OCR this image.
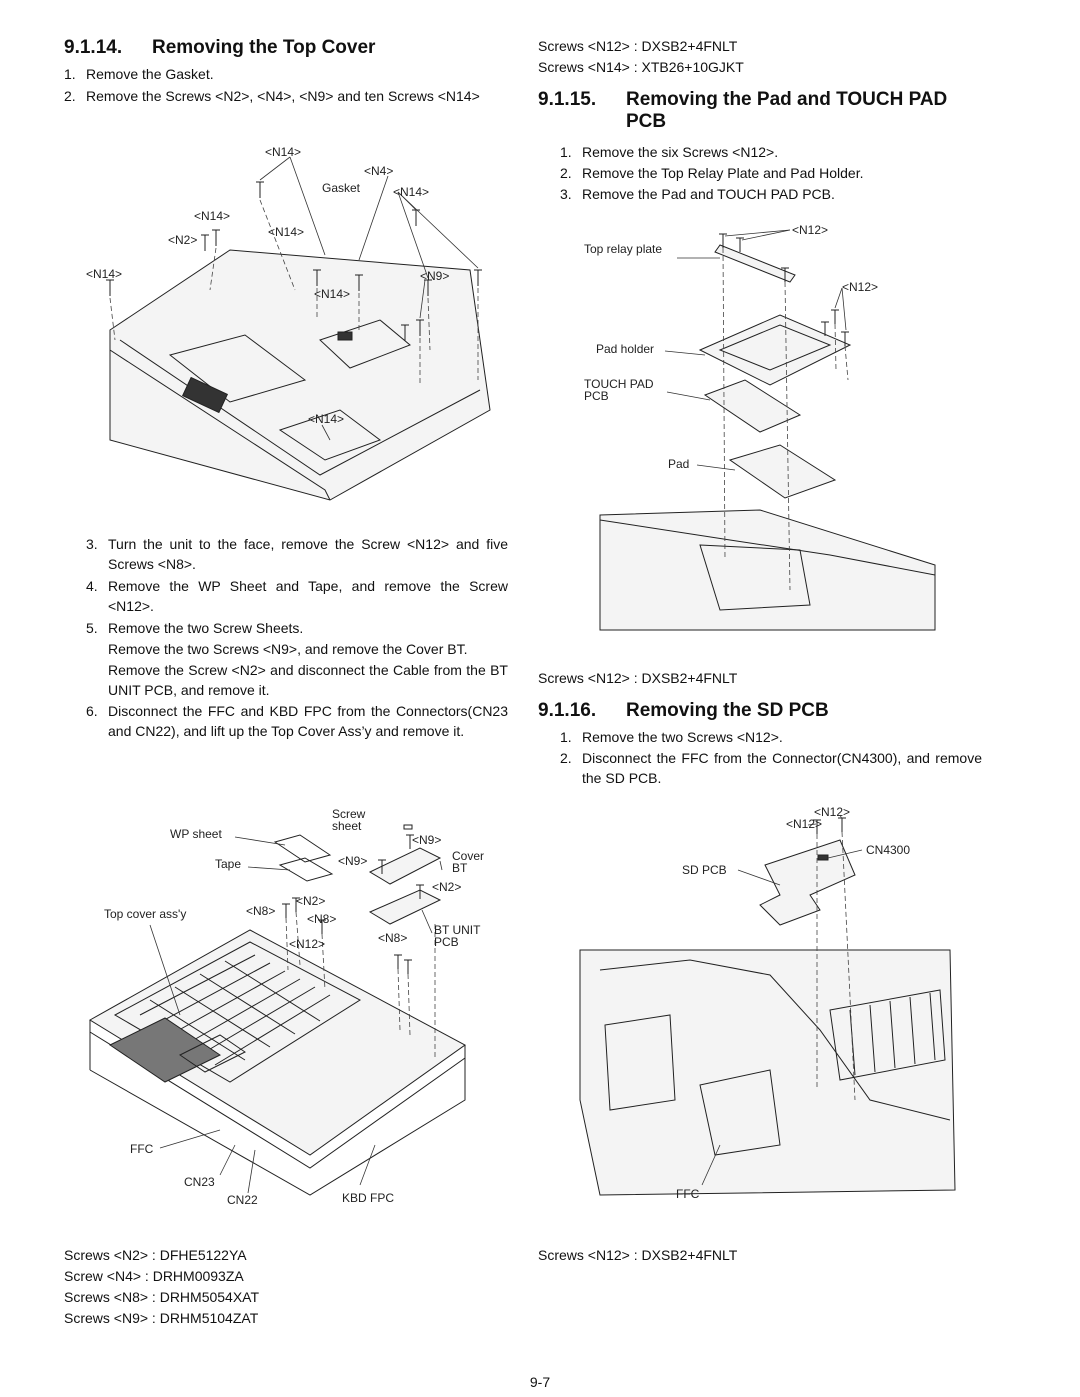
9.1.14. Removing the Top Cover
1. Remove the Gasket.
2. Remove the Screws <N2>, <N4>, <N9> and ten Screws <N14>
<N14>
<N4>
Gasket	<N14>
<N14>
<N14>
<N2>
<N14>	<N9>
<N14>
<N14>
3. Turn the unit to the face, remove the Screw <N12> and five Screws <N8>.
4. Remove the WP Sheet and Tape, and remove the Screw <N12>.
5. Remove the two Screw Sheets.
Remove the two Screws <N9>, and remove the Cover BT.
Remove the Screw <N2> and disconnect the Cable from the BT UNIT PCB, and remove it.
6. Disconnect the FFC and KBD FPC from the Connectors(CN23 and CN22), and lift up the Top Cover Ass’y and remove it.
Screw
sheet
WP sheet	<N9>
Tape	<N9>	Cover
BT
<N2>
<N2>
<N8>
<N8>
Top cover ass'y
BT UNIT
PCB
<N12>	<N8>
FFC
CN23
CN22	KBD FPC
Screws <N2> : DFHE5122YA
Screw <N4> : DRHM0093ZA
Screws <N8> : DRHM5054XAT
Screws <N9> : DRHM5104ZAT
Screws <N12> : DXSB2+4FNLT
Screws <N14> : XTB26+10GJKT
9.1.15. Removing the Pad and TOUCH PAD
PCB
1. Remove the six Screws <N12>.
2. Remove the Top Relay Plate and Pad Holder.
3. Remove the Pad and TOUCH PAD PCB.
<N12>
Top relay plate
<N12>
Pad holder
TOUCH PAD
PCB
Pad
Screws <N12> : DXSB2+4FNLT
9.1.16. Removing the SD PCB
1. Remove the two Screws <N12>.
2. Disconnect the FFC from the Connector(CN4300), and remove the SD PCB.
<N12>
<N12>
CN4300
SD PCB
FFC
Screws <N12> : DXSB2+4FNLT
9-7
